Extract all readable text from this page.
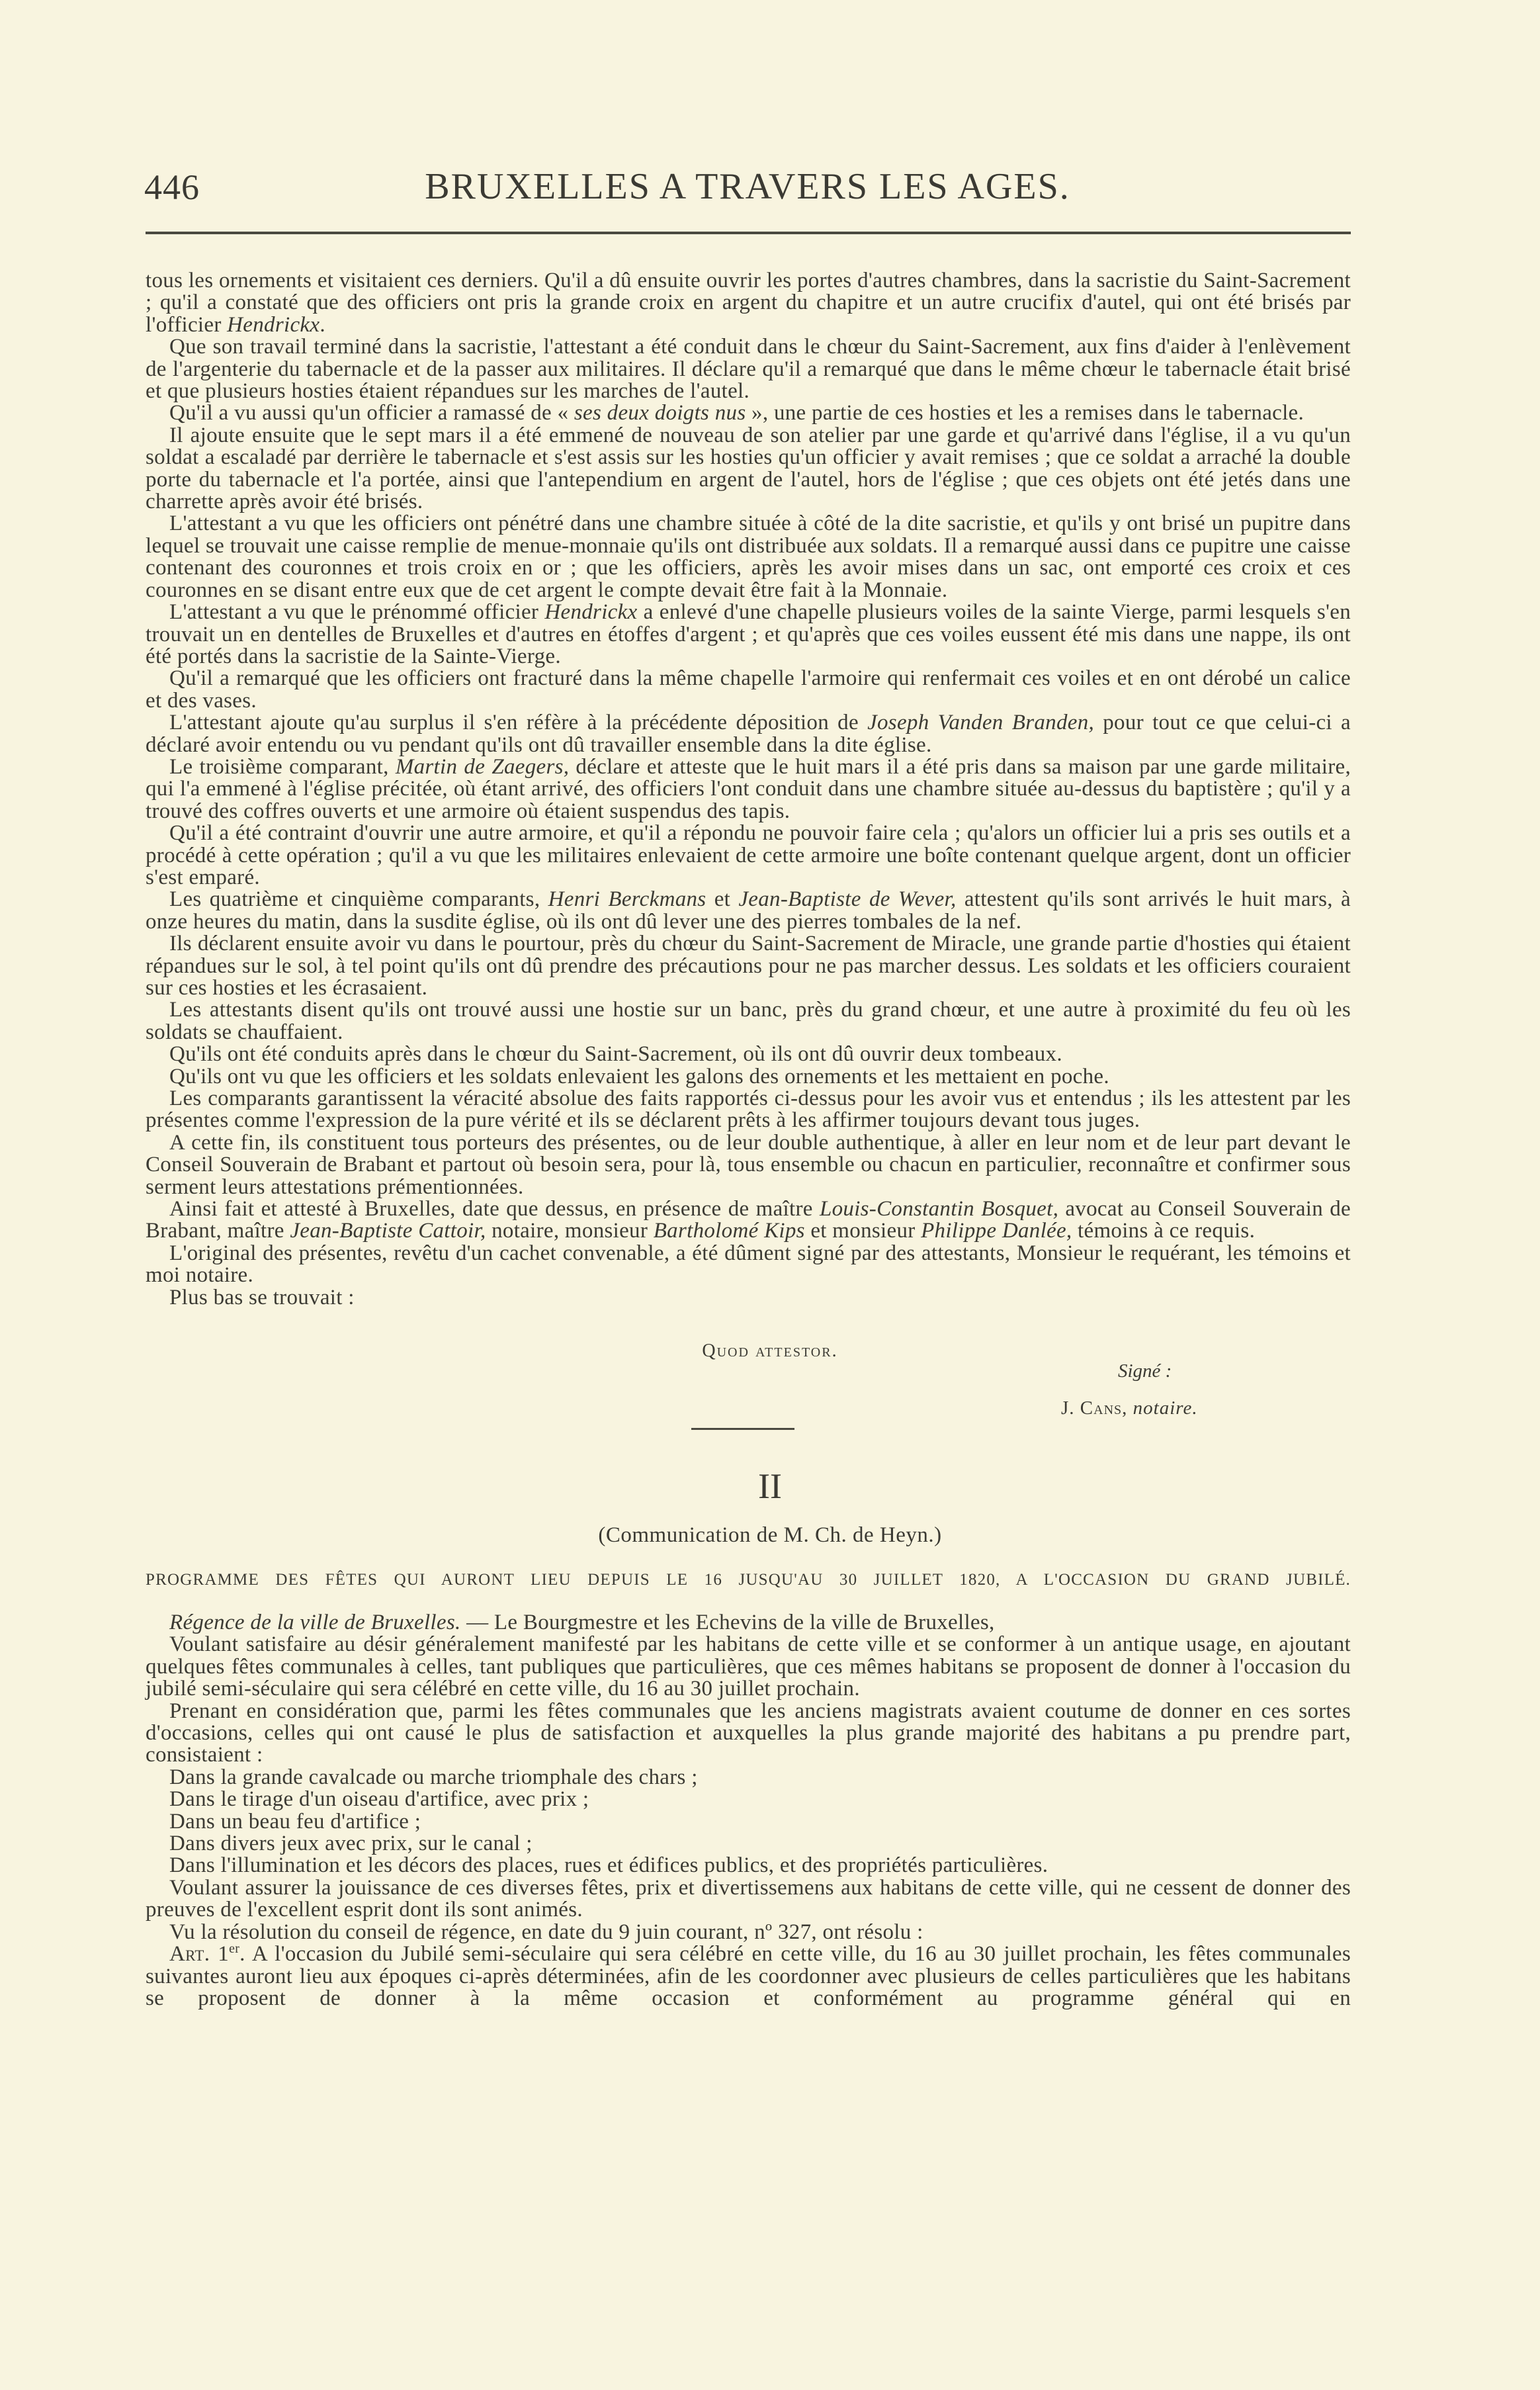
446	BRUXELLES A TRAVERS LES AGES.

tous les ornements et visitaient ces derniers. Qu'il a dû ensuite ouvrir les portes d'autres chambres, dans la sacristie du Saint-Sacrement ; qu'il a constaté que des officiers ont pris la grande croix en argent du chapitre et un autre crucifix d'autel, qui ont été brisés par l'officier Hendrickx.

Que son travail terminé dans la sacristie, l'attestant a été conduit dans le chœur du Saint-Sacrement, aux fins d'aider à l'enlèvement de l'argenterie du tabernacle et de la passer aux militaires. Il déclare qu'il a remarqué que dans le même chœur le tabernacle était brisé et que plusieurs hosties étaient répandues sur les marches de l'autel.

Qu'il a vu aussi qu'un officier a ramassé de « ses deux doigts nus », une partie de ces hosties et les a remises dans le tabernacle.

Il ajoute ensuite que le sept mars il a été emmené de nouveau de son atelier par une garde et qu'arrivé dans l'église, il a vu qu'un soldat a escaladé par derrière le tabernacle et s'est assis sur les hosties qu'un officier y avait remises ; que ce soldat a arraché la double porte du tabernacle et l'a portée, ainsi que l'antependium en argent de l'autel, hors de l'église ; que ces objets ont été jetés dans une charrette après avoir été brisés.

L'attestant a vu que les officiers ont pénétré dans une chambre située à côté de la dite sacristie, et qu'ils y ont brisé un pupitre dans lequel se trouvait une caisse remplie de menue-monnaie qu'ils ont distribuée aux soldats. Il a remarqué aussi dans ce pupitre une caisse contenant des couronnes et trois croix en or ; que les officiers, après les avoir mises dans un sac, ont emporté ces croix et ces couronnes en se disant entre eux que de cet argent le compte devait être fait à la Monnaie.

L'attestant a vu que le prénommé officier Hendrickx a enlevé d'une chapelle plusieurs voiles de la sainte Vierge, parmi lesquels s'en trouvait un en dentelles de Bruxelles et d'autres en étoffes d'argent ; et qu'après que ces voiles eussent été mis dans une nappe, ils ont été portés dans la sacristie de la Sainte-Vierge.

Qu'il a remarqué que les officiers ont fracturé dans la même chapelle l'armoire qui renfermait ces voiles et en ont dérobé un calice et des vases.

L'attestant ajoute qu'au surplus il s'en réfère à la précédente déposition de Joseph Vanden Branden, pour tout ce que celui-ci a déclaré avoir entendu ou vu pendant qu'ils ont dû travailler ensemble dans la dite église.

Le troisième comparant, Martin de Zaegers, déclare et atteste que le huit mars il a été pris dans sa maison par une garde militaire, qui l'a emmené à l'église précitée, où étant arrivé, des officiers l'ont conduit dans une chambre située au-dessus du baptistère ; qu'il y a trouvé des coffres ouverts et une armoire où étaient suspendus des tapis.

Qu'il a été contraint d'ouvrir une autre armoire, et qu'il a répondu ne pouvoir faire cela ; qu'alors un officier lui a pris ses outils et a procédé à cette opération ; qu'il a vu que les militaires enlevaient de cette armoire une boîte contenant quelque argent, dont un officier s'est emparé.

Les quatrième et cinquième comparants, Henri Berckmans et Jean-Baptiste de Wever, attestent qu'ils sont arrivés le huit mars, à onze heures du matin, dans la susdite église, où ils ont dû lever une des pierres tombales de la nef.

Ils déclarent ensuite avoir vu dans le pourtour, près du chœur du Saint-Sacrement de Miracle, une grande partie d'hosties qui étaient répandues sur le sol, à tel point qu'ils ont dû prendre des précautions pour ne pas marcher dessus. Les soldats et les officiers couraient sur ces hosties et les écrasaient.

Les attestants disent qu'ils ont trouvé aussi une hostie sur un banc, près du grand chœur, et une autre à proximité du feu où les soldats se chauffaient.

Qu'ils ont été conduits après dans le chœur du Saint-Sacrement, où ils ont dû ouvrir deux tombeaux.

Qu'ils ont vu que les officiers et les soldats enlevaient les galons des ornements et les mettaient en poche.

Les comparants garantissent la véracité absolue des faits rapportés ci-dessus pour les avoir vus et entendus ; ils les attestent par les présentes comme l'expression de la pure vérité et ils se déclarent prêts à les affirmer toujours devant tous juges.

A cette fin, ils constituent tous porteurs des présentes, ou de leur double authentique, à aller en leur nom et de leur part devant le Conseil Souverain de Brabant et partout où besoin sera, pour là, tous ensemble ou chacun en particulier, reconnaître et confirmer sous serment leurs attestations prémentionnées.

Ainsi fait et attesté à Bruxelles, date que dessus, en présence de maître Louis-Constantin Bosquet, avocat au Conseil Souverain de Brabant, maître Jean-Baptiste Cattoir, notaire, monsieur Bartholomé Kips et monsieur Philippe Danlée, témoins à ce requis.

L'original des présentes, revêtu d'un cachet convenable, a été dûment signé par des attestants, Monsieur le requérant, les témoins et moi notaire.

Plus bas se trouvait :

Quod attestor.
Signé :
J. Cans, notaire.
II
(Communication de M. Ch. de Heyn.)
PROGRAMME DES FÊTES QUI AURONT LIEU DEPUIS LE 16 JUSQU'AU 30 JUILLET 1820, A L'OCCASION DU GRAND JUBILÉ.

Régence de la ville de Bruxelles. — Le Bourgmestre et les Echevins de la ville de Bruxelles,

Voulant satisfaire au désir généralement manifesté par les habitans de cette ville et se conformer à un antique usage, en ajoutant quelques fêtes communales à celles, tant publiques que particulières, que ces mêmes habitans se proposent de donner à l'occasion du jubilé semi-séculaire qui sera célébré en cette ville, du 16 au 30 juillet prochain.

Prenant en considération que, parmi les fêtes communales que les anciens magistrats avaient coutume de donner en ces sortes d'occasions, celles qui ont causé le plus de satisfaction et auxquelles la plus grande majorité des habitans a pu prendre part, consistaient :

Dans la grande cavalcade ou marche triomphale des chars ;

Dans le tirage d'un oiseau d'artifice, avec prix ;

Dans un beau feu d'artifice ;

Dans divers jeux avec prix, sur le canal ;

Dans l'illumination et les décors des places, rues et édifices publics, et des propriétés particulières.

Voulant assurer la jouissance de ces diverses fêtes, prix et divertissemens aux habitans de cette ville, qui ne cessent de donner des preuves de l'excellent esprit dont ils sont animés.

Vu la résolution du conseil de régence, en date du 9 juin courant, nº 327, ont résolu :

Art. 1er. A l'occasion du Jubilé semi-séculaire qui sera célébré en cette ville, du 16 au 30 juillet prochain, les fêtes communales suivantes auront lieu aux époques ci-après déterminées, afin de les coordonner avec plusieurs de celles particulières que les habitans se proposent de donner à la même occasion et conformément au programme général qui en
